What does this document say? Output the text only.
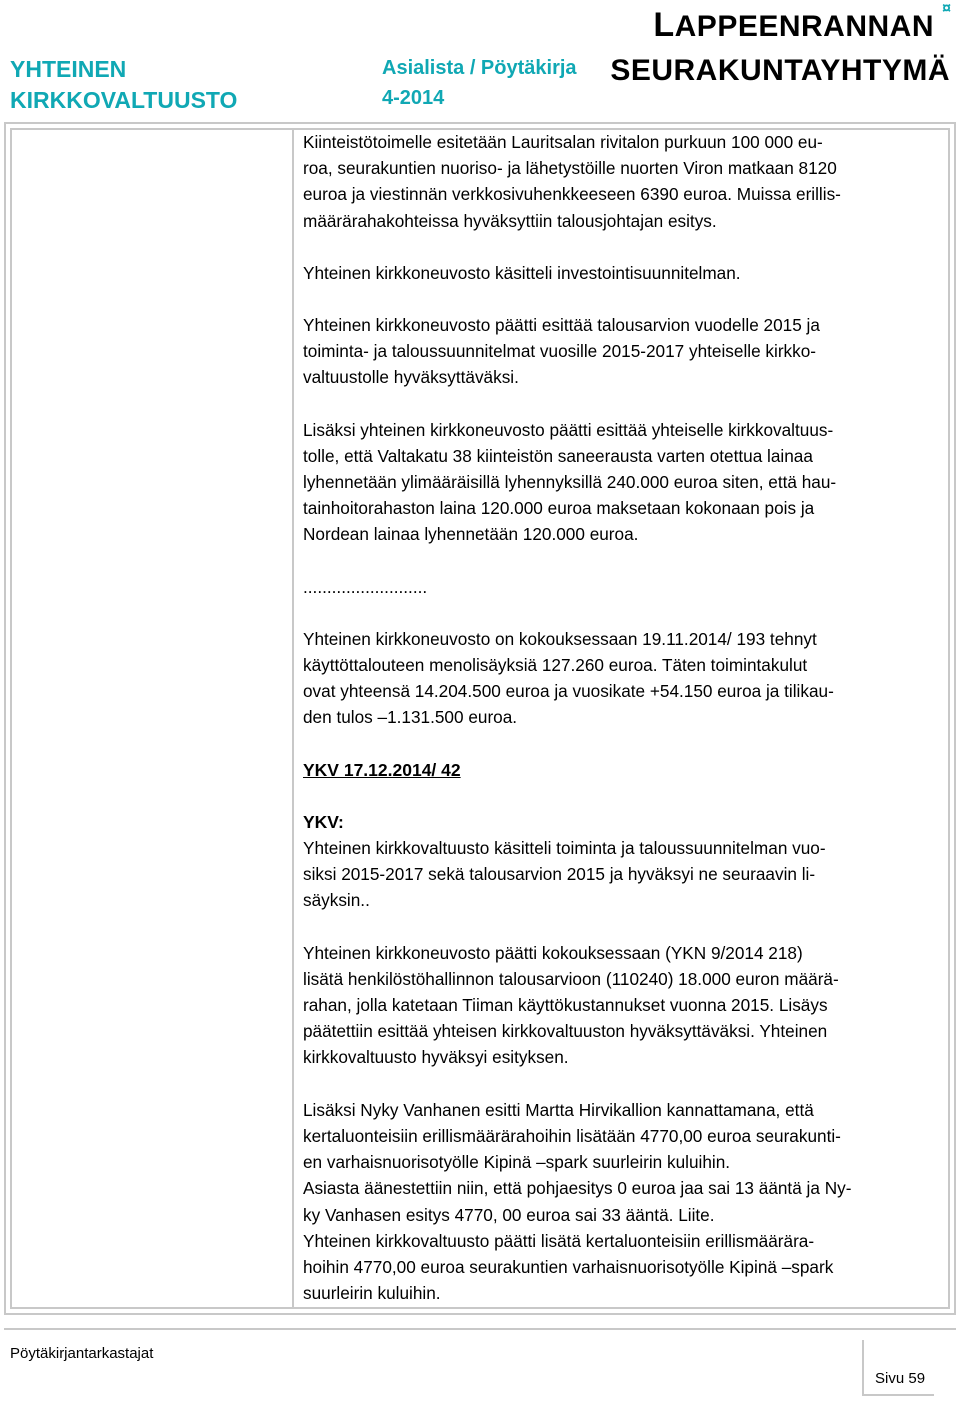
YHTEINEN
KIRKKOVALTUUSTO
Asialista / Pöytäkirja
4-2014
LAPPEENRANNAN
SEURAKUNTAYHTYMÄ
¤
Kiinteistötoimelle esitetään Lauritsalan rivitalon purkuun 100 000 eu-
roa, seurakuntien nuoriso- ja lähetystöille nuorten Viron matkaan 8120
euroa ja viestinnän verkkosivuhenkkeeseen 6390 euroa. Muissa erillis-
määrärahakohteissa hyväksyttiin talousjohtajan esitys.
Yhteinen kirkkoneuvosto käsitteli investointisuunnitelman.
Yhteinen kirkkoneuvosto päätti esittää talousarvion vuodelle 2015 ja
toiminta- ja taloussuunnitelmat vuosille 2015-2017 yhteiselle kirkko-
valtuustolle hyväksyttäväksi.
Lisäksi yhteinen kirkkoneuvosto päätti esittää yhteiselle kirkkovaltuus-
tolle, että Valtakatu 38 kiinteistön saneerausta varten otettua lainaa
lyhennetään ylimääräisillä lyhennyksillä 240.000 euroa siten, että hau-
tainhoitorahaston laina 120.000 euroa maksetaan kokonaan pois ja
Nordean lainaa lyhennetään 120.000 euroa.
..........................
Yhteinen kirkkoneuvosto on kokouksessaan 19.11.2014/ 193 tehnyt
käyttöttalouteen menolisäyksiä 127.260 euroa. Täten toimintakulut
ovat yhteensä 14.204.500 euroa ja vuosikate +54.150 euroa ja tilikau-
den tulos –1.131.500 euroa.
YKV 17.12.2014/ 42
YKV:
Yhteinen kirkkovaltuusto käsitteli toiminta ja taloussuunnitelman vuo-
siksi 2015-2017 sekä talousarvion 2015 ja hyväksyi ne seuraavin li-
säyksin..
Yhteinen kirkkoneuvosto päätti kokouksessaan (YKN 9/2014 218)
lisätä henkilöstöhallinnon talousarvioon (110240) 18.000 euron määrä-
rahan, jolla katetaan Tiiman käyttökustannukset vuonna 2015. Lisäys
päätettiin esittää yhteisen kirkkovaltuuston hyväksyttäväksi. Yhteinen
kirkkovaltuusto hyväksyi esityksen.
Lisäksi Nyky Vanhanen esitti Martta Hirvikallion kannattamana, että
kertaluonteisiin erillismäärärahoihin lisätään 4770,00 euroa seurakunti-
en varhaisnuorisotyölle Kipinä –spark suurleirin kuluihin.
Asiasta äänestettiin niin, että pohjaesitys 0 euroa jaa sai 13 ääntä ja Ny-
ky Vanhasen esitys 4770, 00 euroa sai 33 ääntä. Liite.
Yhteinen kirkkovaltuusto päätti lisätä kertaluonteisiin erillismäärära-
hoihin 4770,00 euroa seurakuntien varhaisnuorisotyölle Kipinä –spark
suurleirin kuluihin.
Pöytäkirjantarkastajat
Sivu 59
